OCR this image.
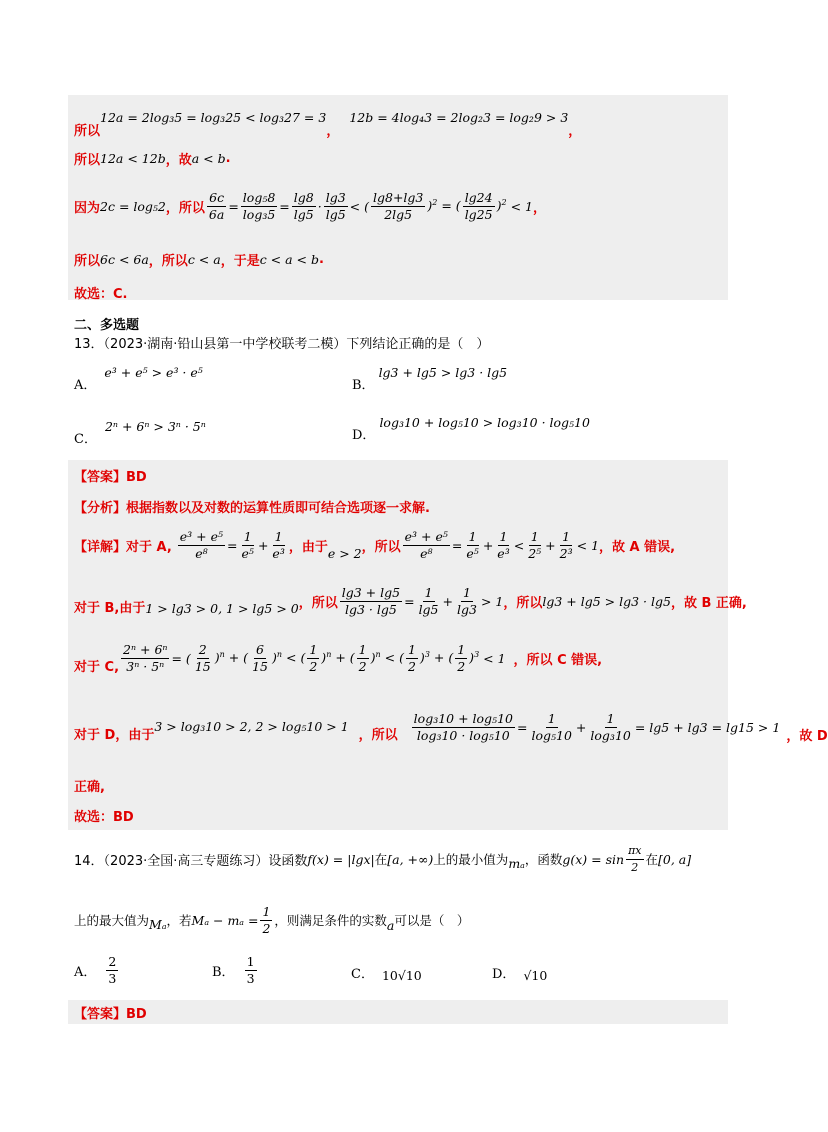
所以
12a = 2log₃5 = log₃25 < log₃27 = 3
，
12b = 4log₄3 = 2log₂3 = log₂9 > 3
，
所以 12a < 12b ，故 a < b .
因为 2c = log₅2 ，所以 $\frac{6c}{6a} = \frac{\text{log₅8}}{\text{log₃5}} = \frac{\lg 8}{\lg 5} \cdot \frac{\lg 3}{\lg 5}$ < ( $\frac{\lg 8+\lg 3}{2\lg 5} )^2$ = ( $\frac{\lg 24}{\lg 25} )^2 < 1$ ，
所以 6c < 6a ，所以 c < a ，于是 c < a < b .
故选：C.
二、多选题
13．（2023·湖南·铅山县第一中学校联考二模）下列结论正确的是（　）
A．
e³ + e⁵ > e³ · e⁵
B．
lg3 + lg5 > lg3 · lg5
C．
2ⁿ + 6ⁿ > 3ⁿ · 5ⁿ
D．
log₃10 + log₅10 > log₃10 · log₅10
【答案】BD
【分析】根据指数以及对数的运算性质即可结合选项逐一求解.
【详解】对于 A, $\frac{\text{e³ + e⁵}}{\text{e⁸}} = \frac{1}{\text{e⁵}} + \frac{1}{\text{e³}}$ ，由于 e > 2 ，所以 $\frac{\text{e³ + e⁵}}{\text{e⁸}} = \frac{1}{\text{e⁵}} + \frac{1}{\text{e³}} < \frac{1}{\text{2⁵}} + \frac{1}{\text{2³}} < 1$ ，故 A 错误,
对于 B,由于 1 > lg3 > 0, 1 > lg5 > 0 ，所以 $\frac{\lg 3 + \lg 5}{\lg 3 \cdot \lg 5} = \frac{1}{\lg 5} + \frac{1}{\lg 3} > 1$ ，所以 lg3 + lg5 > lg3 · lg5 ，故 B 正确,
对于 C, $\frac{\text{2ⁿ + 6ⁿ}}{\text{3ⁿ · 5ⁿ}}$ = ( $\frac{2}{15} )^n$ + ( $\frac{6}{15} )^n$ < ( $\frac{1}{2} )^n$ + ( $\frac{1}{2} )^n$ < ( $\frac{1}{2} )^3$ + ( $\frac{1}{2} )^3 < 1$ ，所以 C 错误,
对于 D，由于
3 > log₃10 > 2, 2 > log₅10 > 1
，所以 $\frac{\text{log₃10 + log₅10}}{\text{log₃10 · log₅10}} = \frac{1}{\text{log₅10}} + \frac{1}{\text{log₃10}} = \lg 5 + \lg 3 = \lg 15 > 1$
，故 D
正确,
故选：BD
14．（2023·全国·高三专题练习）设函数 f(x) = |lgx| 在 [a, +∞) 上的最小值为 mₐ ，函数 $g(x) = \sin \frac{\pi x}{2}$ 在 [0, a]
上的最大值为 Mₐ ，若 $M_a - m_a = \frac{1}{2}$ ，则满足条件的实数 a 可以是（　）
A． $\frac{2}{3}$	B． $\frac{1}{3}$	C． 10√10	D． √10
【答案】BD
